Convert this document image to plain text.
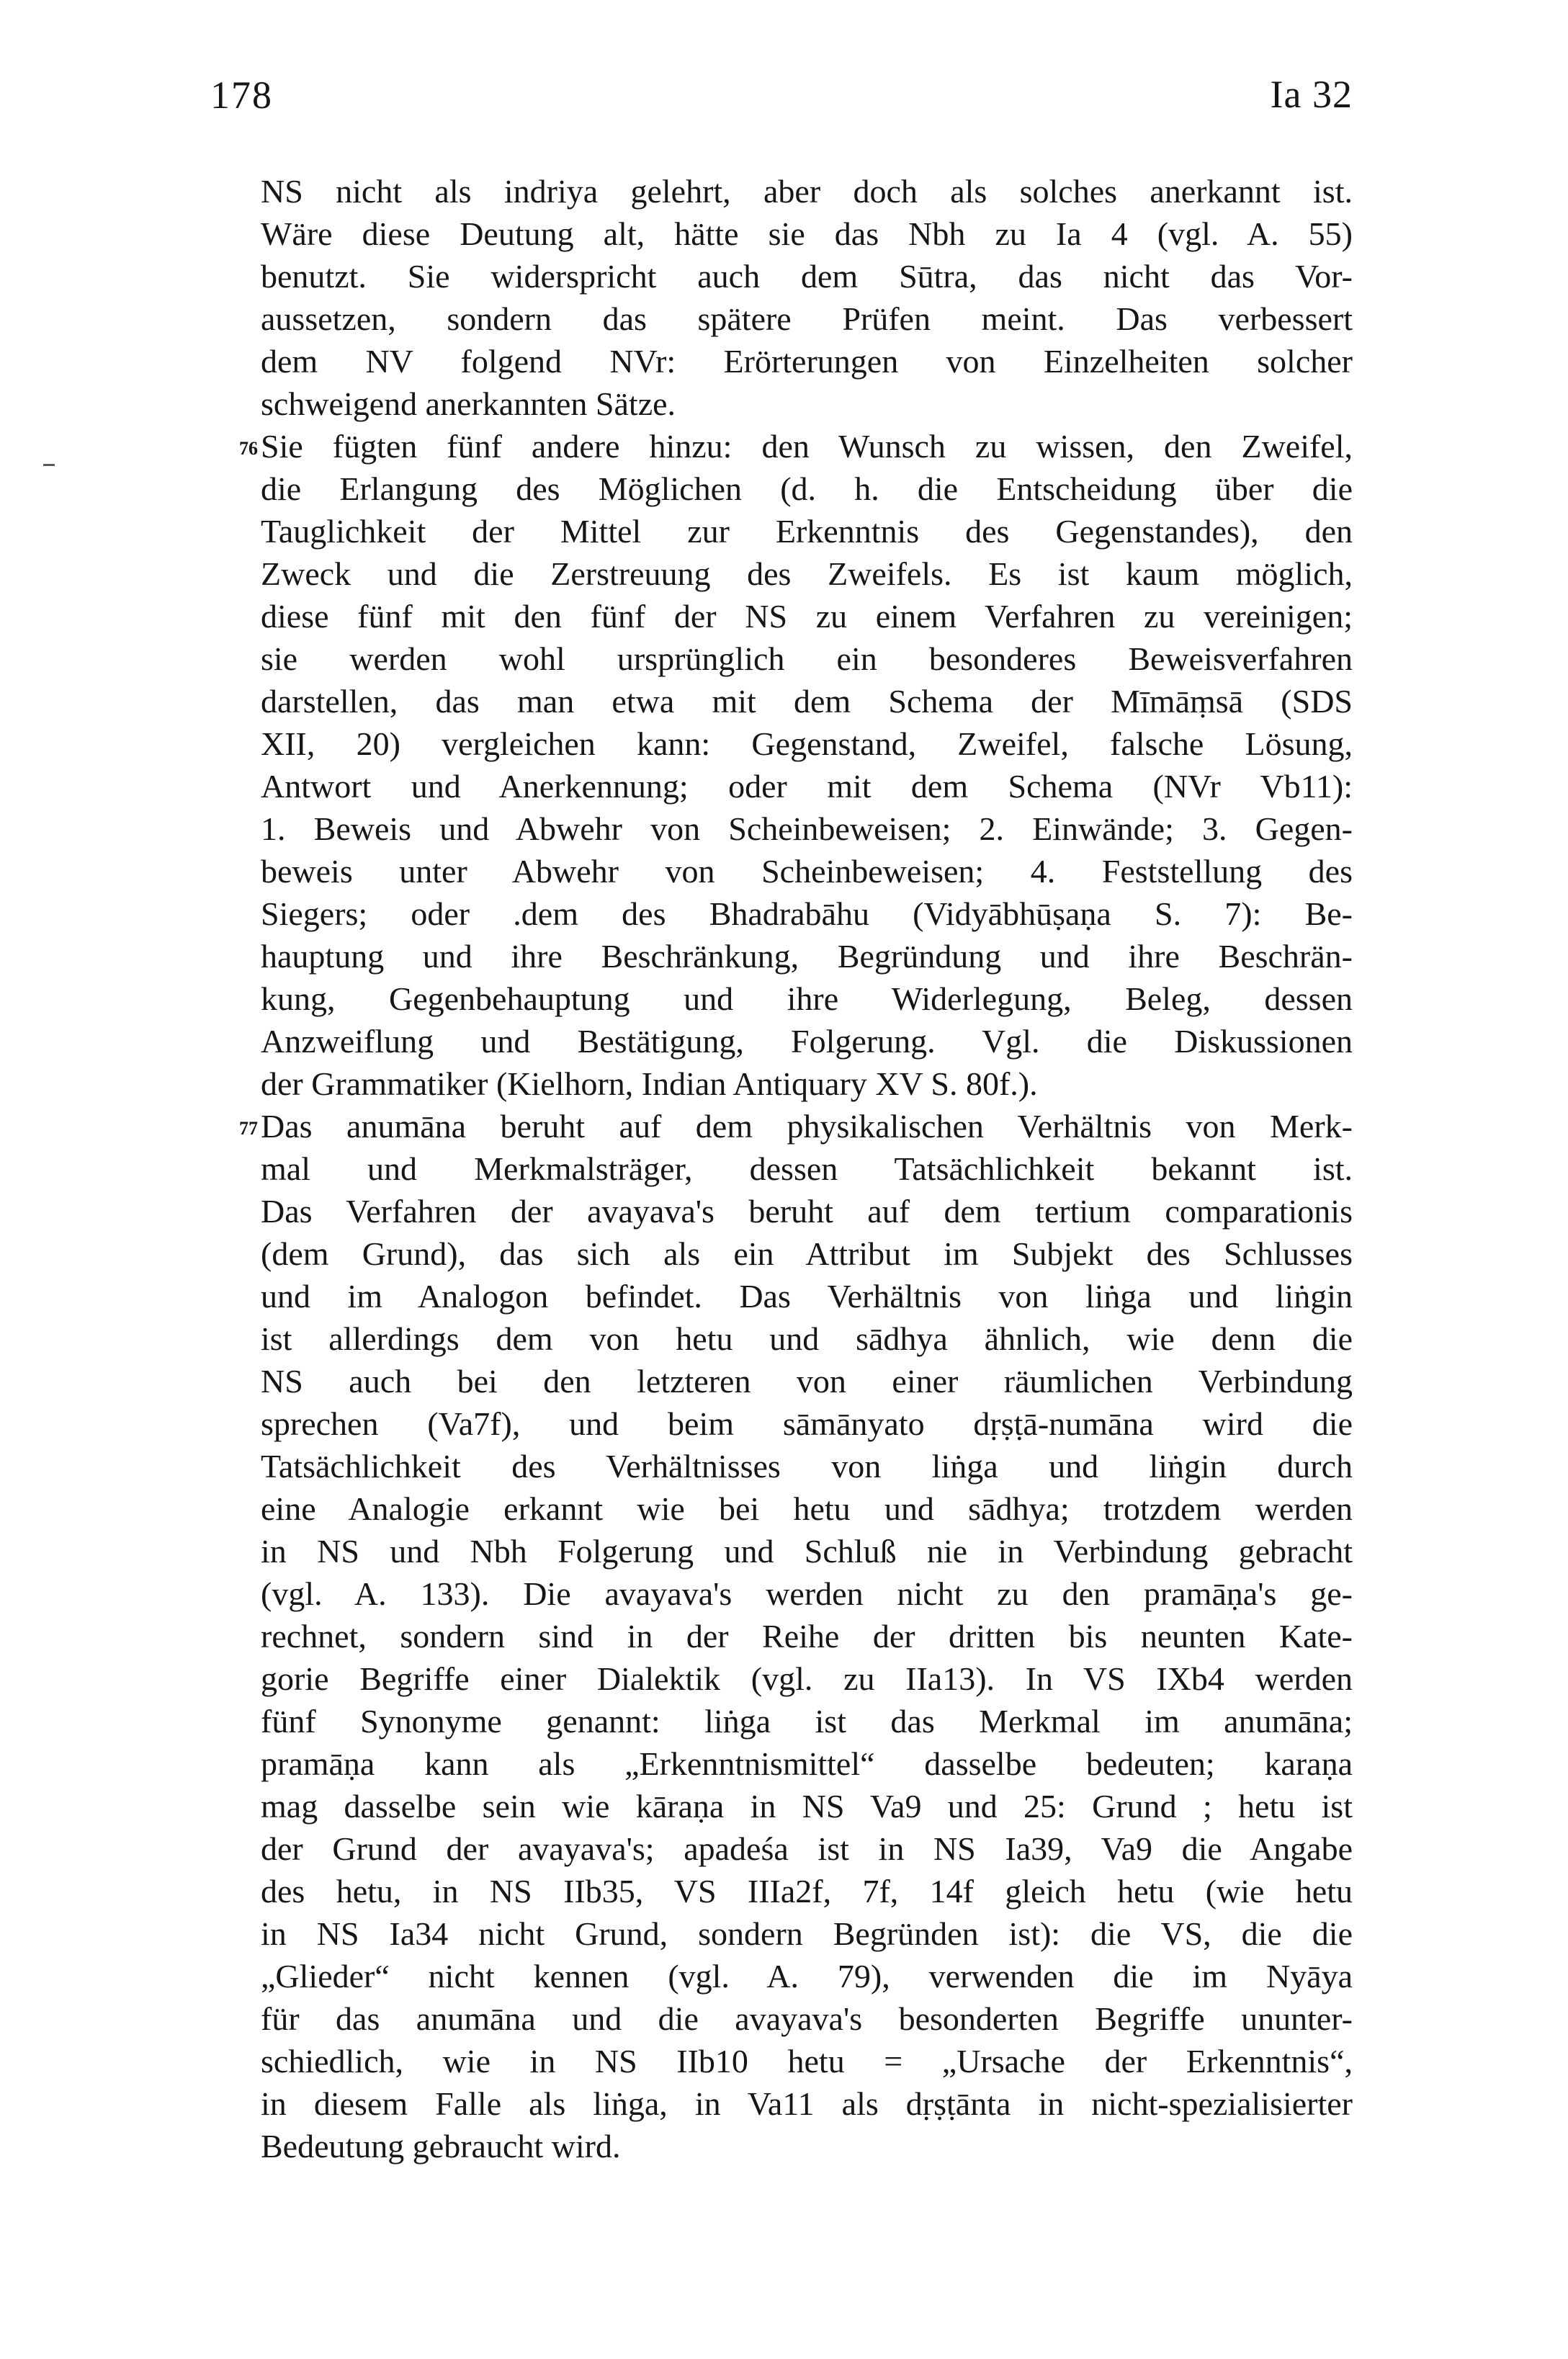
178	Ia 32
NS nicht als indriya gelehrt, aber doch als solches anerkannt ist.
Wäre diese Deutung alt, hätte sie das Nbh zu Ia 4 (vgl. A. 55)
benutzt. Sie widerspricht auch dem Sūtra, das nicht das Vor-
aussetzen, sondern das spätere Prüfen meint. Das verbessert
dem NV folgend NVr: Erörterungen von Einzelheiten solcher
schweigend anerkannten Sätze.
76 Sie fügten fünf andere hinzu: den Wunsch zu wissen, den Zweifel,
die Erlangung des Möglichen (d. h. die Entscheidung über die
Tauglichkeit der Mittel zur Erkenntnis des Gegenstandes), den
Zweck und die Zerstreuung des Zweifels. Es ist kaum möglich,
diese fünf mit den fünf der NS zu einem Verfahren zu vereinigen;
sie werden wohl ursprünglich ein besonderes Beweisverfahren
darstellen, das man etwa mit dem Schema der Mīmāṃsā (SDS
XII, 20) vergleichen kann: Gegenstand, Zweifel, falsche Lösung,
Antwort und Anerkennung; oder mit dem Schema (NVr Vb11):
1. Beweis und Abwehr von Scheinbeweisen; 2. Einwände; 3. Gegen-
beweis unter Abwehr von Scheinbeweisen; 4. Feststellung des
Siegers; oder .dem des Bhadrabāhu (Vidyābhūṣaṇa S. 7): Be-
hauptung und ihre Beschränkung, Begründung und ihre Beschrän-
kung, Gegenbehauptung und ihre Widerlegung, Beleg, dessen
Anzweiflung und Bestätigung, Folgerung. Vgl. die Diskussionen
der Grammatiker (Kielhorn, Indian Antiquary XV S. 80f.).
77 Das anumāna beruht auf dem physikalischen Verhältnis von Merk-
mal und Merkmalsträger, dessen Tatsächlichkeit bekannt ist.
Das Verfahren der avayava's beruht auf dem tertium comparationis
(dem Grund), das sich als ein Attribut im Subjekt des Schlusses
und im Analogon befindet. Das Verhältnis von liṅga und liṅgin
ist allerdings dem von hetu und sādhya ähnlich, wie denn die
NS auch bei den letzteren von einer räumlichen Verbindung
sprechen (Va7f), und beim sāmānyato dṛṣṭā-numāna wird die
Tatsächlichkeit des Verhältnisses von liṅga und liṅgin durch
eine Analogie erkannt wie bei hetu und sādhya; trotzdem werden
in NS und Nbh Folgerung und Schluß nie in Verbindung gebracht
(vgl. A. 133). Die avayava's werden nicht zu den pramāṇa's ge-
rechnet, sondern sind in der Reihe der dritten bis neunten Kate-
gorie Begriffe einer Dialektik (vgl. zu IIa13). In VS IXb4 werden
fünf Synonyme genannt: liṅga ist das Merkmal im anumāna;
pramāṇa kann als „Erkenntnismittel“ dasselbe bedeuten; karaṇa
mag dasselbe sein wie kāraṇa in NS Va9 und 25: Grund ; hetu ist
der Grund der avayava's; apadeśa ist in NS Ia39, Va9 die Angabe
des hetu, in NS IIb35, VS IIIa2f, 7f, 14f gleich hetu (wie hetu
in NS Ia34 nicht Grund, sondern Begründen ist): die VS, die die
„Glieder“ nicht kennen (vgl. A. 79), verwenden die im Nyāya
für das anumāna und die avayava's besonderten Begriffe ununter-
schiedlich, wie in NS IIb10 hetu = „Ursache der Erkenntnis“,
in diesem Falle als liṅga, in Va11 als dṛṣṭānta in nicht-spezialisierter
Bedeutung gebraucht wird.
